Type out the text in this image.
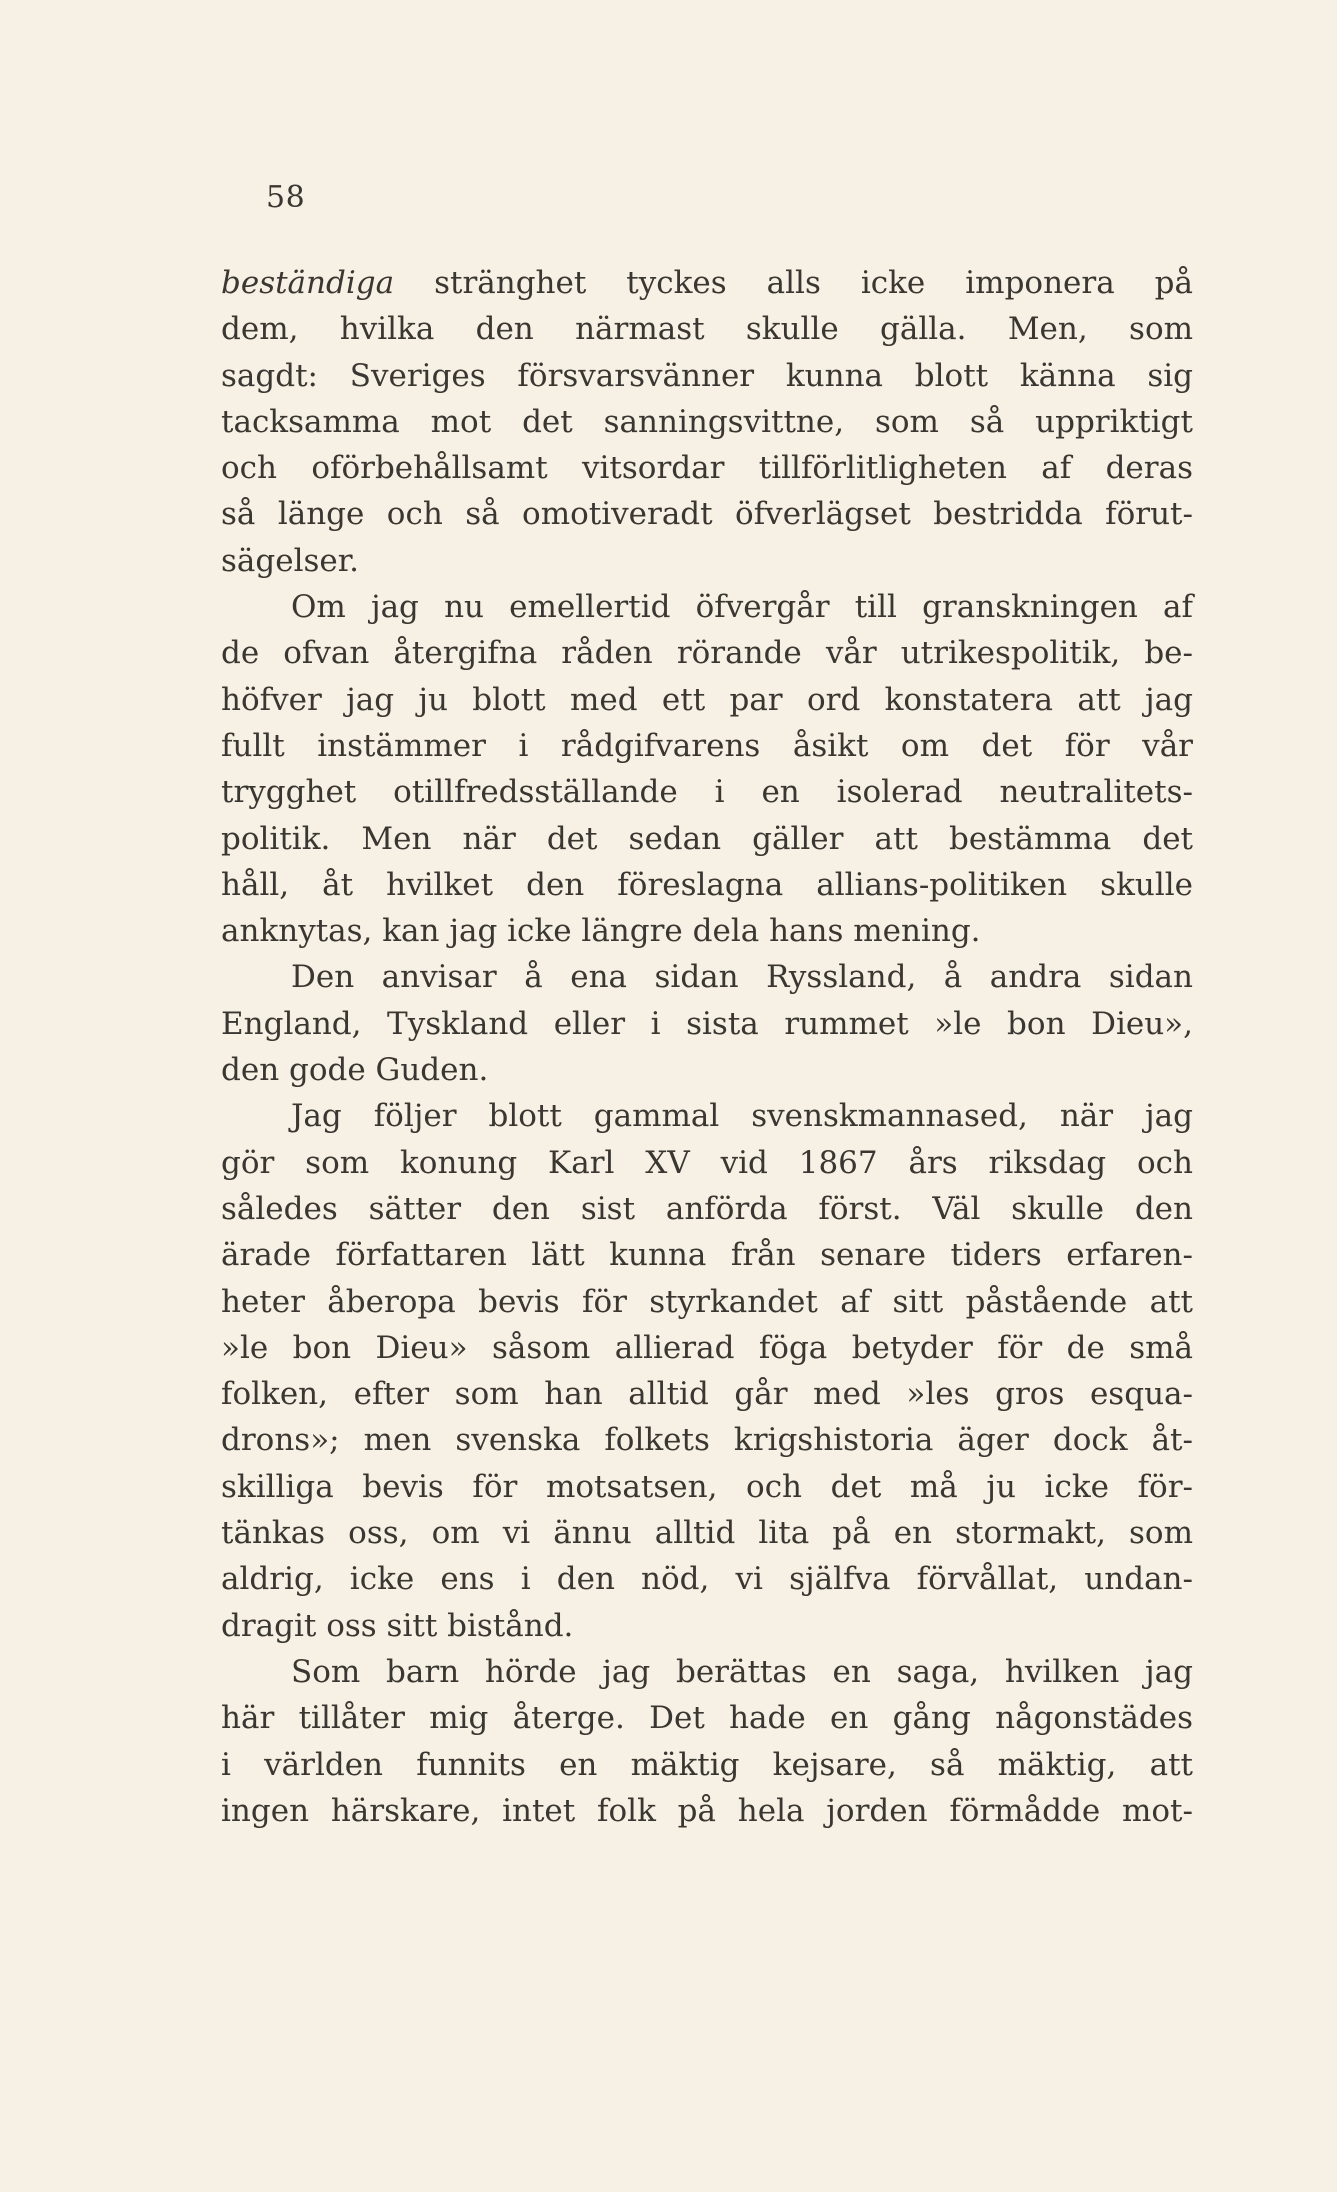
58
beständiga stränghet tyckes alls icke imponera på
dem, hvilka den närmast skulle gälla. Men, som
sagdt: Sveriges försvarsvänner kunna blott känna sig
tacksamma mot det sanningsvittne, som så uppriktigt
och oförbehållsamt vitsordar tillförlitligheten af deras
så länge och så omotiveradt öfverlägset bestridda förut-
sägelser.
Om jag nu emellertid öfvergår till granskningen af
de ofvan återgifna råden rörande vår utrikespolitik, be-
höfver jag ju blott med ett par ord konstatera att jag
fullt instämmer i rådgifvarens åsikt om det för vår
trygghet otillfredsställande i en isolerad neutralitets-
politik. Men när det sedan gäller att bestämma det
håll, åt hvilket den föreslagna allians-politiken skulle
anknytas, kan jag icke längre dela hans mening.
Den anvisar å ena sidan Ryssland, å andra sidan
England, Tyskland eller i sista rummet »le bon Dieu»,
den gode Guden.
Jag följer blott gammal svenskmannased, när jag
gör som konung Karl XV vid 1867 års riksdag och
således sätter den sist anförda först. Väl skulle den
ärade författaren lätt kunna från senare tiders erfaren-
heter åberopa bevis för styrkandet af sitt påstående att
»le bon Dieu» såsom allierad föga betyder för de små
folken, efter som han alltid går med »les gros esqua-
drons»; men svenska folkets krigshistoria äger dock åt-
skilliga bevis för motsatsen, och det må ju icke för-
tänkas oss, om vi ännu alltid lita på en stormakt, som
aldrig, icke ens i den nöd, vi själfva förvållat, undan-
dragit oss sitt bistånd.
Som barn hörde jag berättas en saga, hvilken jag
här tillåter mig återge. Det hade en gång någonstädes
i världen funnits en mäktig kejsare, så mäktig, att
ingen härskare, intet folk på hela jorden förmådde mot-
